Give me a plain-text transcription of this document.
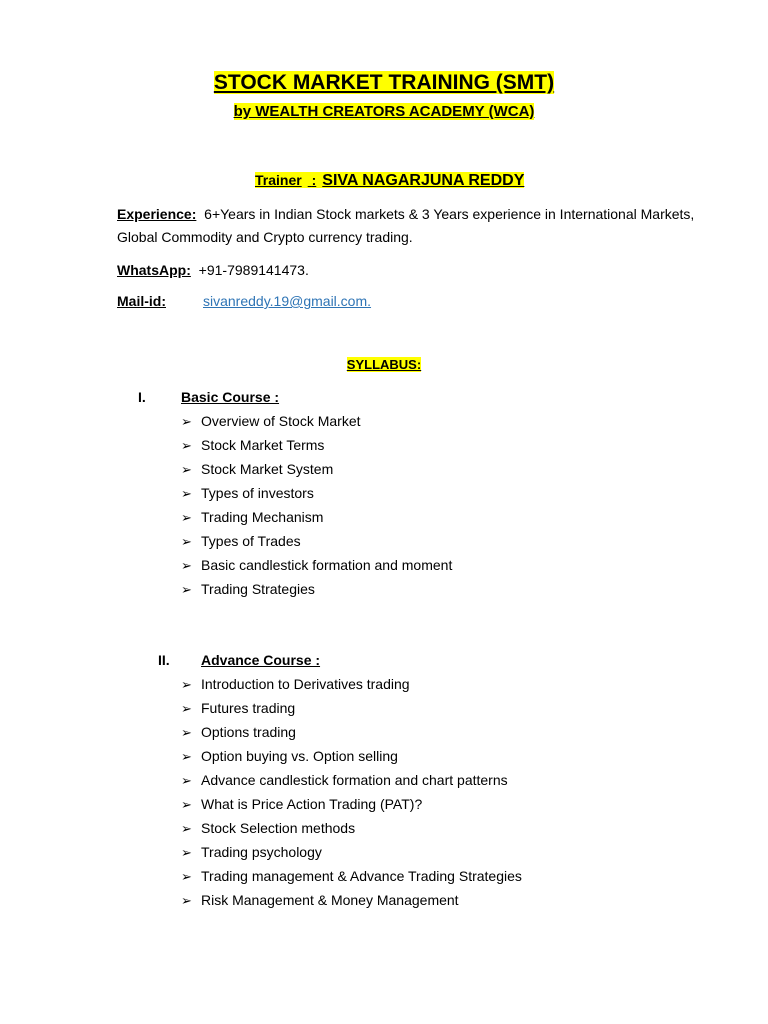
STOCK MARKET TRAINING (SMT)
by WEALTH CREATORS ACADEMY (WCA)
Trainer : SIVA NAGARJUNA REDDY
Experience: 6+Years in Indian Stock markets & 3 Years experience in International Markets, Global Commodity and Crypto currency trading.
WhatsApp: +91-7989141473.
Mail-id:	sivanreddy.19@gmail.com.
SYLLABUS:
I.	Basic Course :
➢ Overview of Stock Market
➢ Stock Market Terms
➢ Stock Market System
➢ Types of investors
➢ Trading Mechanism
➢ Types of Trades
➢ Basic candlestick formation and moment
➢ Trading Strategies
II. Advance Course :
➢ Introduction to Derivatives trading
➢ Futures trading
➢ Options trading
➢ Option buying vs. Option selling
➢ Advance candlestick formation and chart patterns
➢ What is Price Action Trading (PAT)?
➢ Stock Selection methods
➢ Trading psychology
➢ Trading management & Advance Trading Strategies
➢ Risk Management & Money Management
